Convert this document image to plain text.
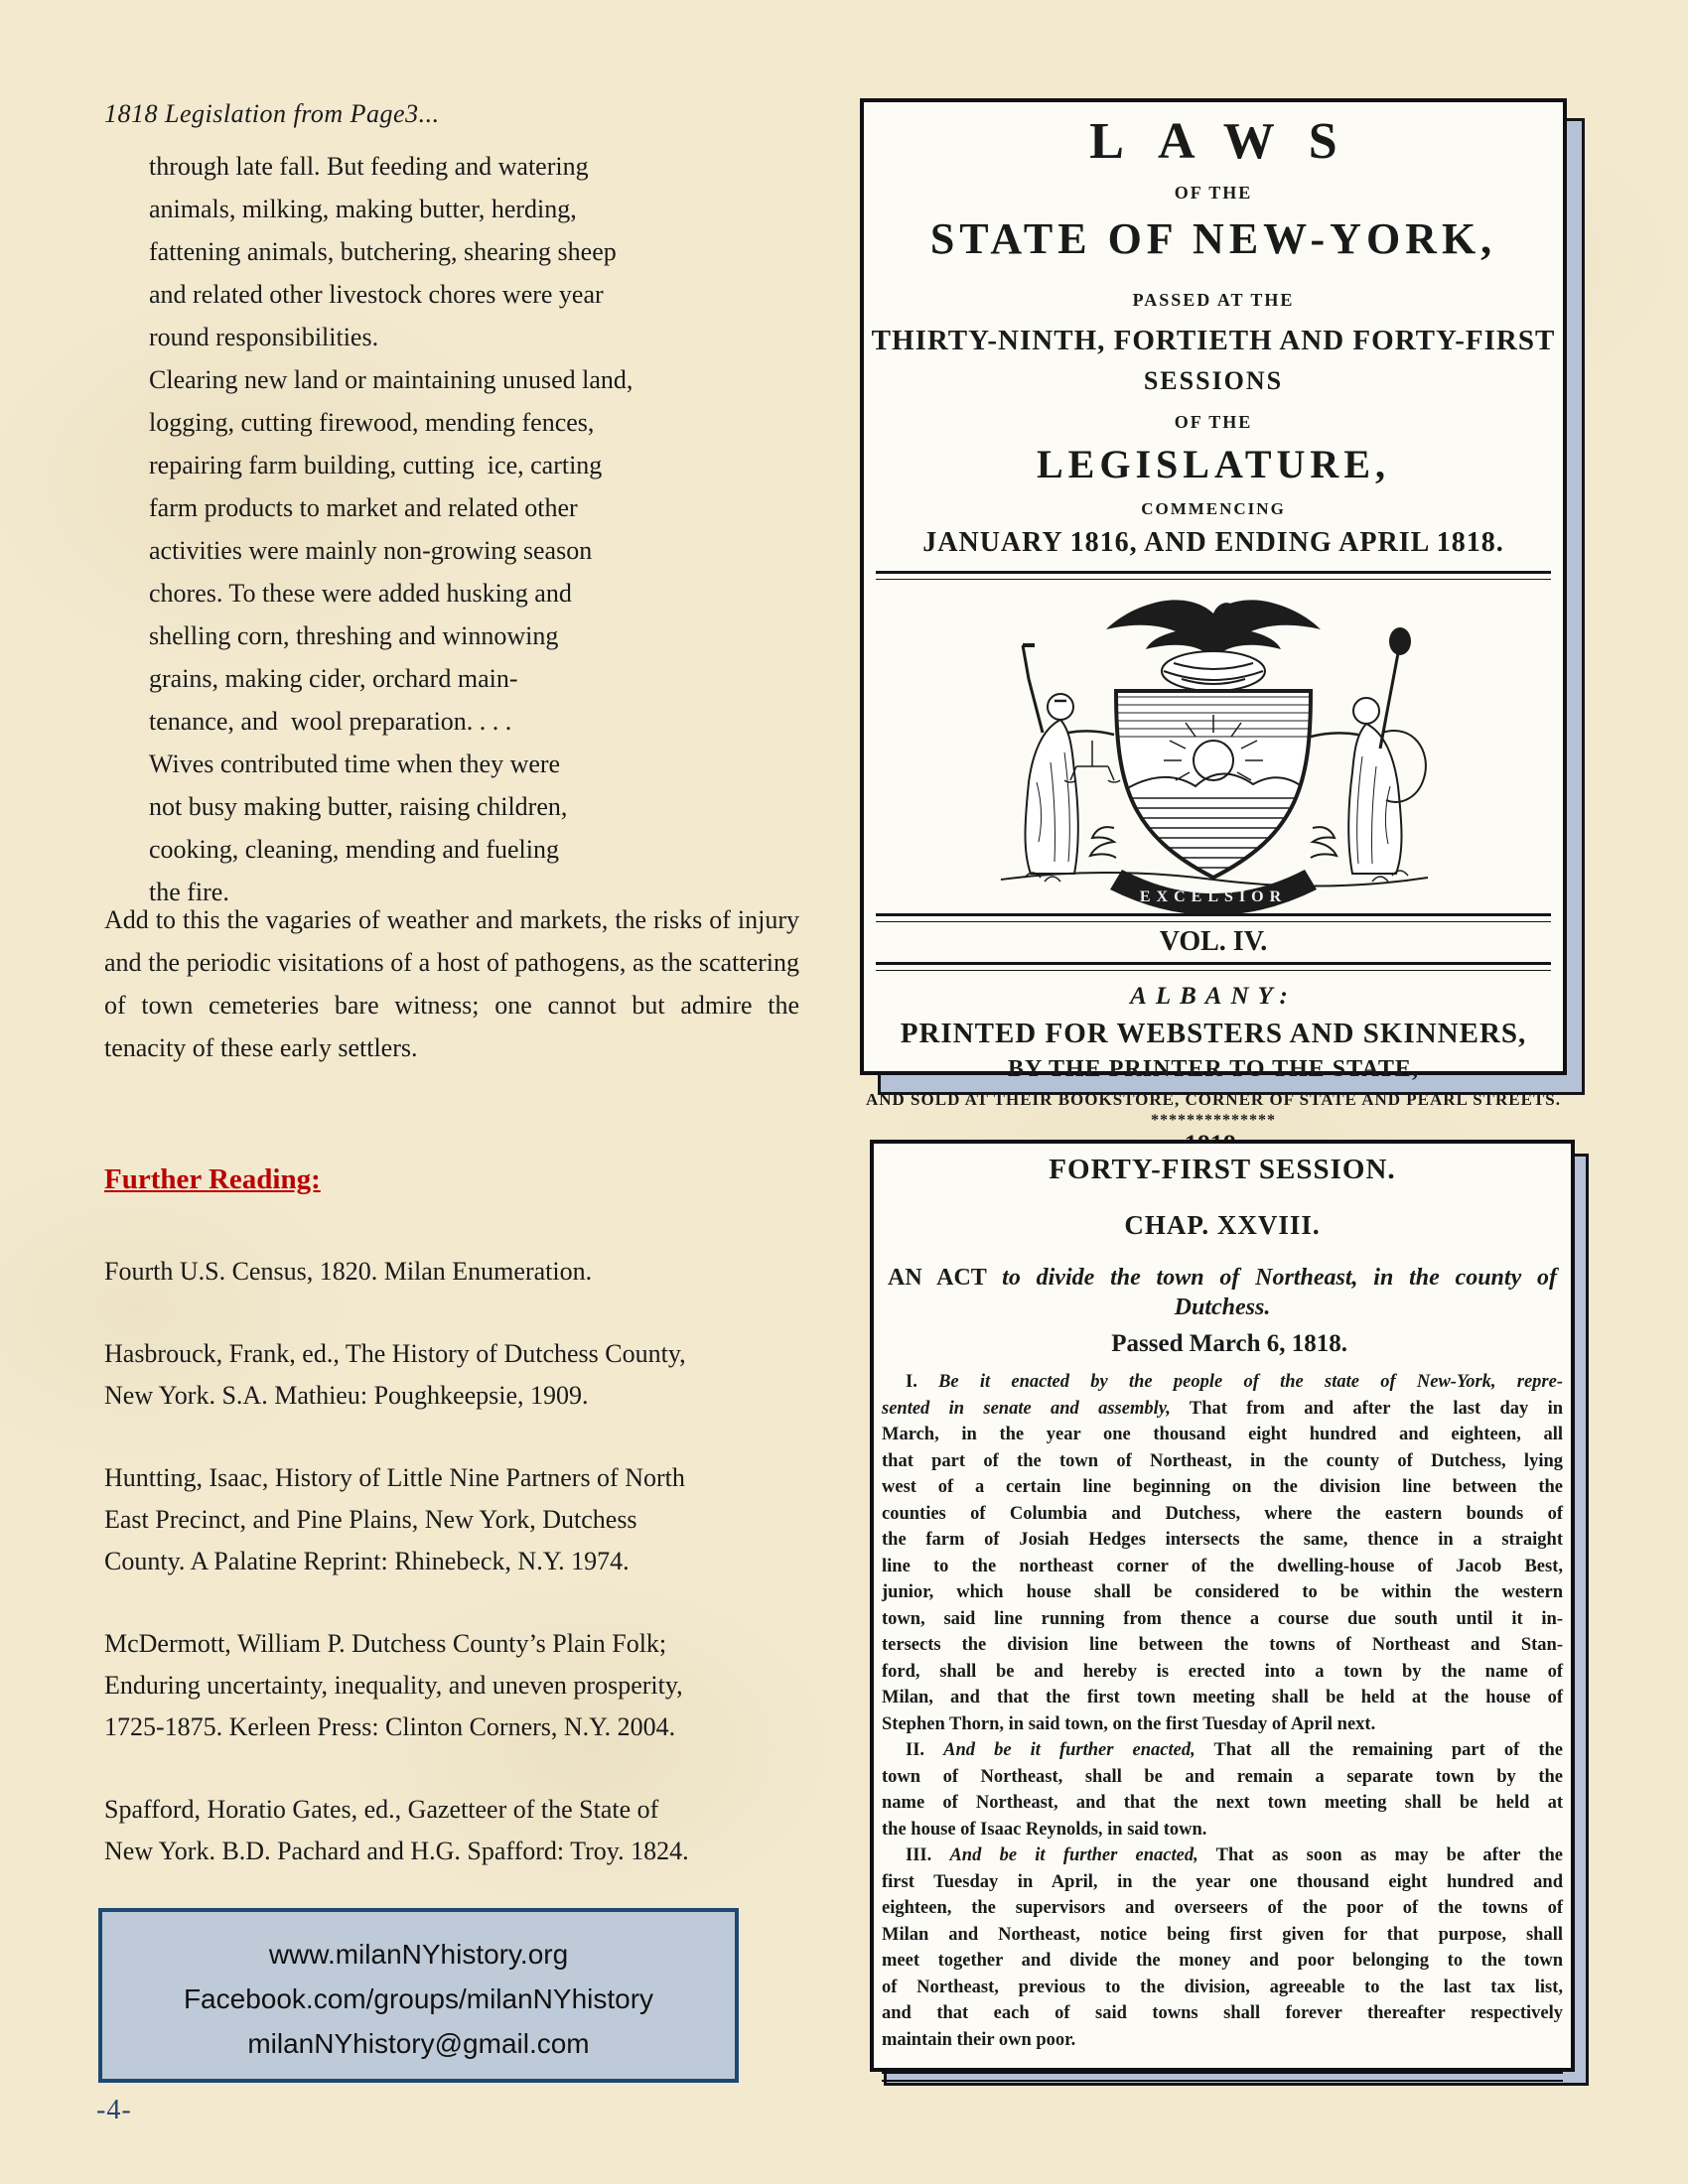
1818 Legislation from Page3...
through late fall. But feeding and watering
animals, milking, making butter, herding,
fattening animals, butchering, shearing sheep
and related other livestock chores were year
round responsibilities.
Clearing new land or maintaining unused land,
logging, cutting firewood, mending fences,
repairing farm building, cutting  ice, carting
farm products to market and related other
activities were mainly non-growing season
chores. To these were added husking and
shelling corn, threshing and winnowing
grains, making cider, orchard main-
tenance, and  wool preparation. . . .
Wives contributed time when they were
not busy making butter, raising children,
cooking, cleaning, mending and fueling
the fire.
Add to this the vagaries of weather and markets, the risks of injury and the periodic visitations of a host of pathogens, as the scattering of town cemeteries bare witness; one cannot but admire the tenacity of these early settlers.
Further Reading:
Fourth U.S. Census, 1820. Milan Enumeration.
Hasbrouck, Frank, ed., The History of Dutchess County,
New York. S.A. Mathieu: Poughkeepsie, 1909.
Huntting, Isaac, History of Little Nine Partners of North
East Precinct, and Pine Plains, New York, Dutchess
County. A Palatine Reprint: Rhinebeck, N.Y. 1974.
McDermott, William P. Dutchess County’s Plain Folk;
Enduring uncertainty, inequality, and uneven prosperity,
1725-1875. Kerleen Press: Clinton Corners, N.Y. 2004.
Spafford, Horatio Gates, ed., Gazetteer of the State of
New York. B.D. Pachard and H.G. Spafford: Troy. 1824.
www.milanNYhistory.org
Facebook.com/groups/milanNYhistory
milanNYhistory@gmail.com
-4-
LAWS
OF THE
STATE OF NEW-YORK,
PASSED AT THE
THIRTY-NINTH, FORTIETH AND FORTY-FIRST
SESSIONS
OF THE
LEGISLATURE,
COMMENCING
JANUARY 1816, AND ENDING APRIL 1818.
EXCELSIOR
VOL. IV.
ALBANY:
PRINTED FOR WEBSTERS AND SKINNERS,
BY THE PRINTER TO THE STATE,
AND SOLD AT THEIR BOOKSTORE, CORNER OF STATE AND PEARL STREETS.
**************
FORTY-FIRST SESSION.
CHAP. XXVIII.
AN ACT to divide the town of Northeast, in the county of
Dutchess.
Passed March 6, 1818.
I. Be it enacted by the people of the state of New-York, repre-
sented in senate and assembly, That from and after the last day in
March, in the year one thousand eight hundred and eighteen, all
that part of the town of Northeast, in the county of Dutchess, lying
west of a certain line beginning on the division line between the
counties of Columbia and Dutchess, where the eastern bounds of
the farm of Josiah Hedges intersects the same, thence in a straight
line to the northeast corner of the dwelling-house of Jacob Best,
junior, which house shall be considered to be within the western
town, said line running from thence a course due south until it in-
tersects the division line between the towns of Northeast and Stan-
ford, shall be and hereby is erected into a town by the name of
Milan, and that the first town meeting shall be held at the house of
Stephen Thorn, in said town, on the first Tuesday of April next.
II. And be it further enacted, That all the remaining part of the
town of Northeast, shall be and remain a separate town by the
name of Northeast, and that the next town meeting shall be held at
the house of Isaac Reynolds, in said town.
III. And be it further enacted, That as soon as may be after the
first Tuesday in April, in the year one thousand eight hundred and
eighteen, the supervisors and overseers of the poor of the towns of
Milan and Northeast, notice being first given for that purpose, shall
meet together and divide the money and poor belonging to the town
of Northeast, previous to the division, agreeable to the last tax list,
and that each of said towns shall forever thereafter respectively
maintain their own poor.
